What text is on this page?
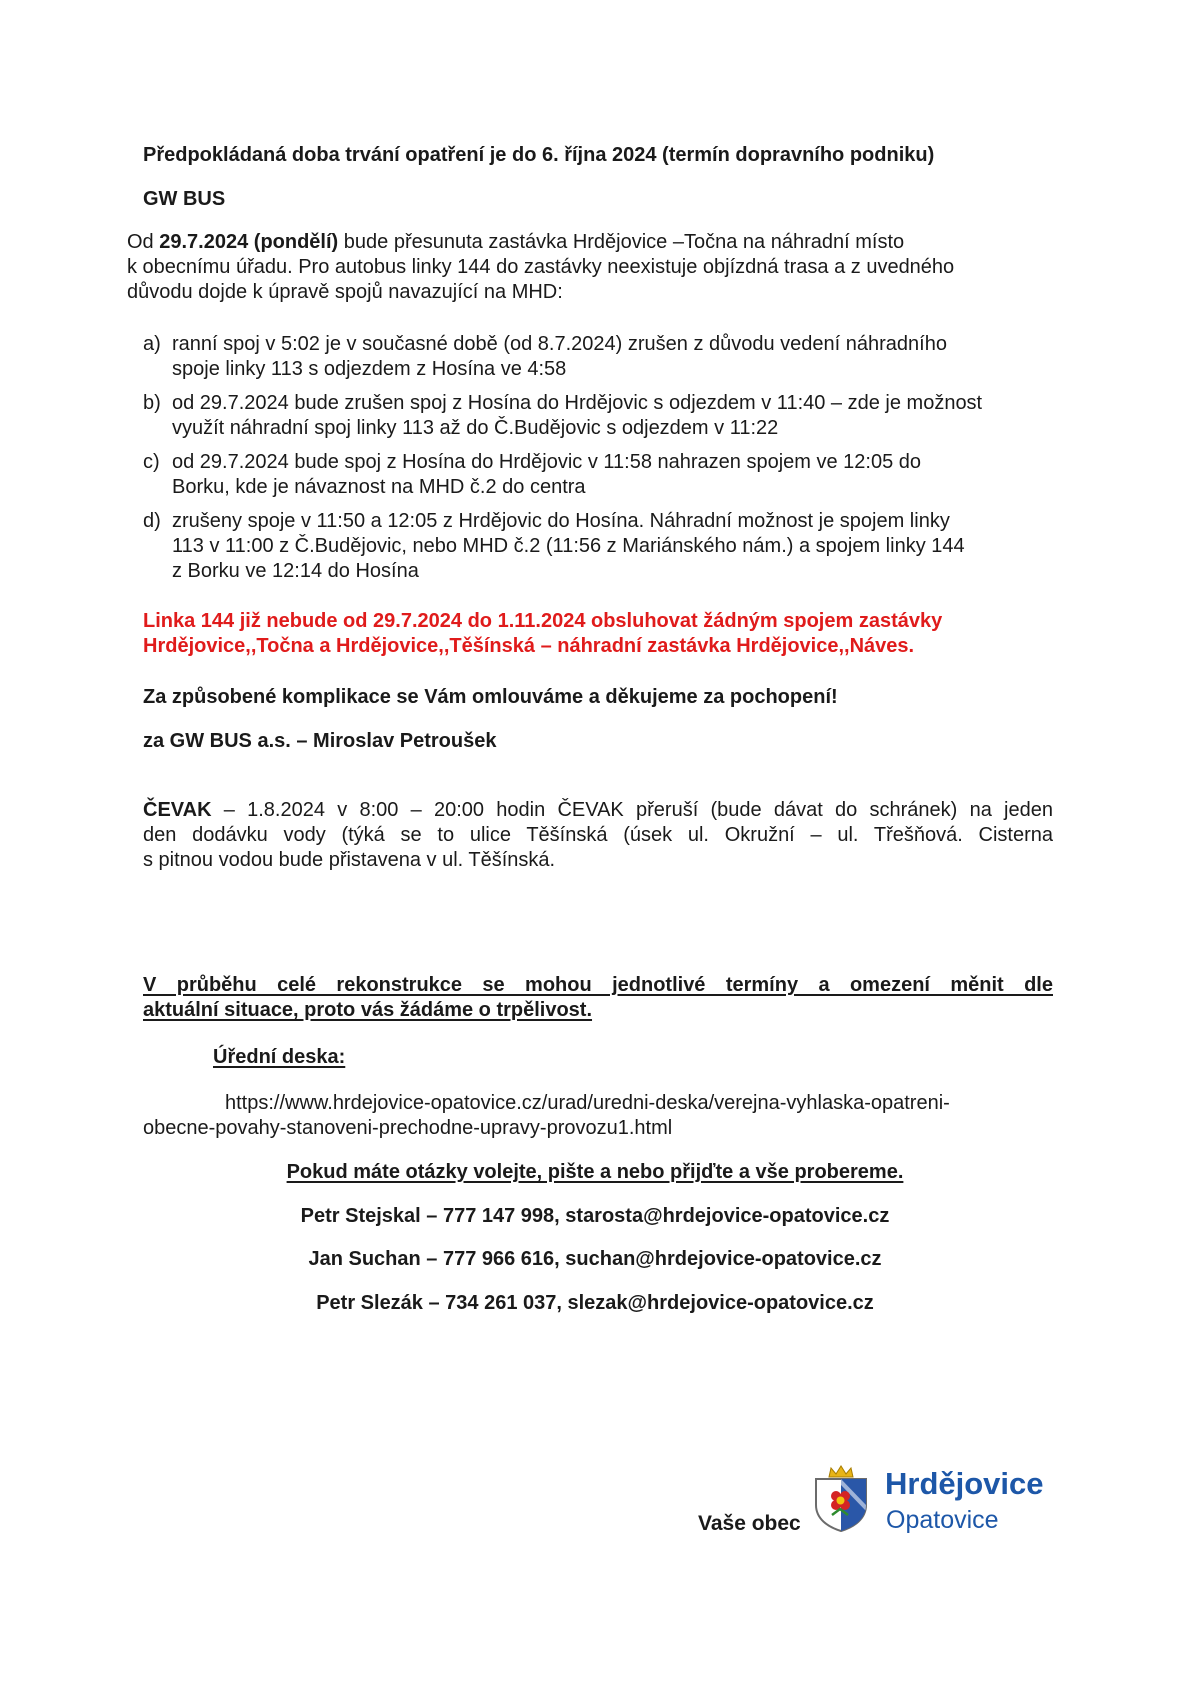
Předpokládaná doba trvání opatření je do 6. října 2024 (termín dopravního podniku)
GW BUS
Od 29.7.2024 (pondělí) bude přesunuta zastávka Hrdějovice –Točna na náhradní místo
k obecnímu úřadu. Pro autobus linky 144 do zastávky neexistuje objízdná trasa a z uvedného
důvodu dojde k úpravě spojů navazující na MHD:
a) ranní spoj v 5:02 je v současné době (od 8.7.2024) zrušen z důvodu vedení náhradního
spoje linky 113 s odjezdem z Hosína ve 4:58
b) od 29.7.2024 bude zrušen spoj z Hosína do Hrdějovic s odjezdem v 11:40 – zde je možnost
využít náhradní spoj linky 113 až do Č.Budějovic s odjezdem v 11:22
c) od 29.7.2024 bude spoj z Hosína do Hrdějovic v 11:58 nahrazen spojem ve 12:05 do
Borku, kde je návaznost na MHD č.2 do centra
d) zrušeny spoje v 11:50 a 12:05 z Hrdějovic do Hosína. Náhradní možnost je spojem linky
113 v 11:00 z Č.Budějovic, nebo MHD č.2 (11:56 z Mariánského nám.) a spojem linky 144
z Borku ve 12:14 do Hosína
Linka 144 již nebude od 29.7.2024 do 1.11.2024 obsluhovat žádným spojem zastávky
Hrdějovice,,Točna a Hrdějovice,,Těšínská – náhradní zastávka Hrdějovice,,Náves.
Za způsobené komplikace se Vám omlouváme a děkujeme za pochopení!
za GW BUS a.s. – Miroslav Petroušek
ČEVAK – 1.8.2024 v 8:00 – 20:00 hodin ČEVAK přeruší (bude dávat do schránek) na jeden
den dodávku vody (týká se to ulice Těšínská (úsek ul. Okružní – ul. Třešňová. Cisterna
s pitnou vodou bude přistavena v ul. Těšínská.
V průběhu celé rekonstrukce se mohou jednotlivé termíny a omezení měnit dle
aktuální situace, proto vás žádáme o trpělivost.
Úřední deska:
https://www.hrdejovice-opatovice.cz/urad/uredni-deska/verejna-vyhlaska-opatreni-
obecne-povahy-stanoveni-prechodne-upravy-provozu1.html
Pokud máte otázky volejte, pište a nebo přijďte a vše probereme.
Petr Stejskal – 777 147 998, starosta@hrdejovice-opatovice.cz
Jan Suchan – 777 966 616, suchan@hrdejovice-opatovice.cz
Petr Slezák – 734 261 037, slezak@hrdejovice-opatovice.cz
Vaše obec
Hrdějovice
Opatovice
